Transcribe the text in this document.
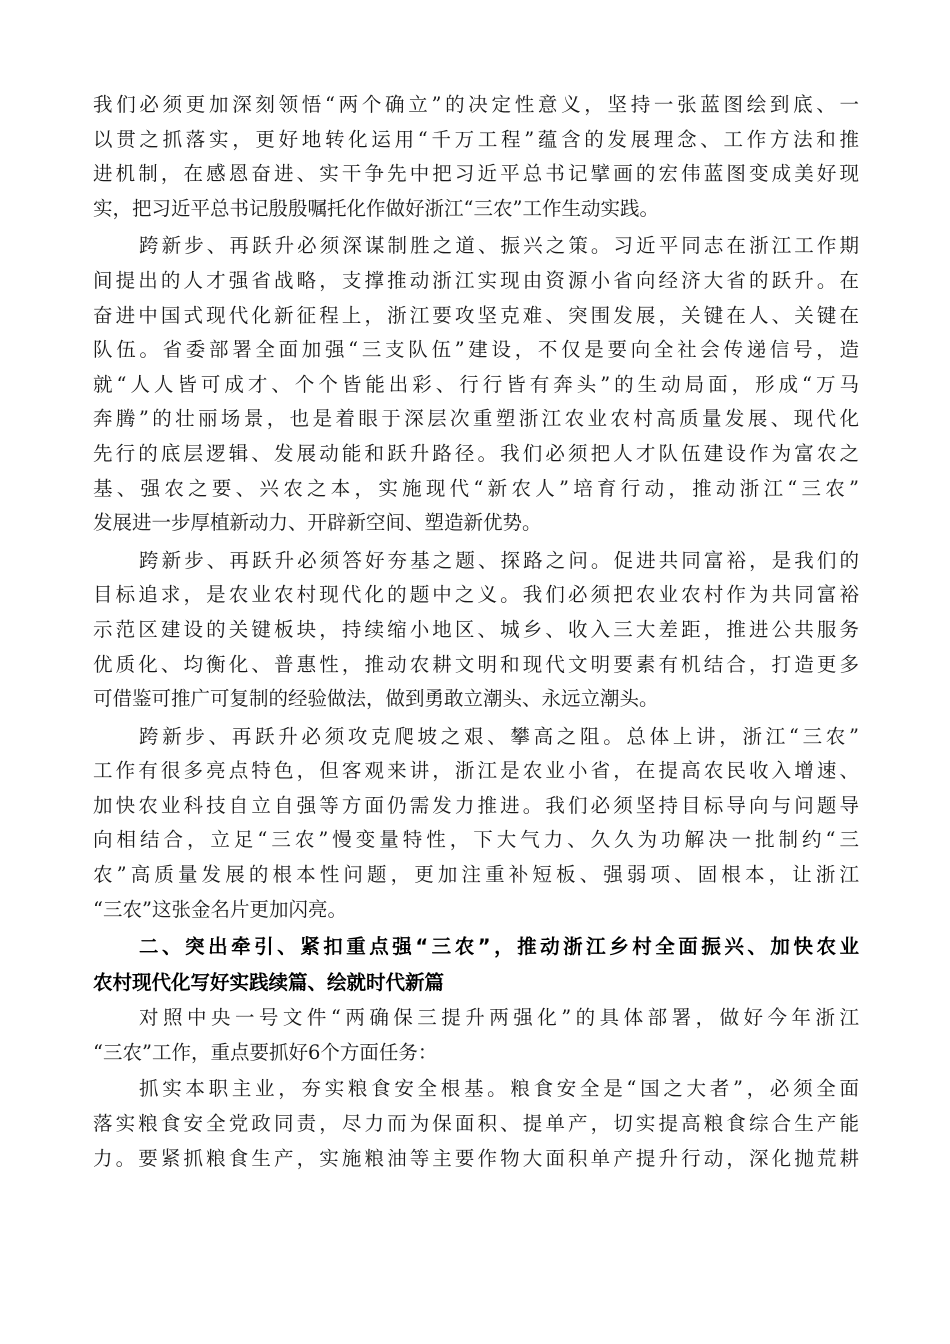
我们必须更加深刻领悟“两个确立”的决定性意义，坚持一张蓝图绘到底、一
以贯之抓落实，更好地转化运用“千万工程”蕴含的发展理念、工作方法和推
进机制，在感恩奋进、实干争先中把习近平总书记擘画的宏伟蓝图变成美好现
实，把习近平总书记殷殷嘱托化作做好浙江“三农”工作生动实践。
跨新步、再跃升必须深谋制胜之道、振兴之策。习近平同志在浙江工作期
间提出的人才强省战略，支撑推动浙江实现由资源小省向经济大省的跃升。在
奋进中国式现代化新征程上，浙江要攻坚克难、突围发展，关键在人、关键在
队伍。省委部署全面加强“三支队伍”建设，不仅是要向全社会传递信号，造
就“人人皆可成才、个个皆能出彩、行行皆有奔头”的生动局面，形成“万马
奔腾”的壮丽场景，也是着眼于深层次重塑浙江农业农村高质量发展、现代化
先行的底层逻辑、发展动能和跃升路径。我们必须把人才队伍建设作为富农之
基、强农之要、兴农之本，实施现代“新农人”培育行动，推动浙江“三农”
发展进一步厚植新动力、开辟新空间、塑造新优势。
跨新步、再跃升必须答好夯基之题、探路之问。促进共同富裕，是我们的
目标追求，是农业农村现代化的题中之义。我们必须把农业农村作为共同富裕
示范区建设的关键板块，持续缩小地区、城乡、收入三大差距，推进公共服务
优质化、均衡化、普惠性，推动农耕文明和现代文明要素有机结合，打造更多
可借鉴可推广可复制的经验做法，做到勇敢立潮头、永远立潮头。
跨新步、再跃升必须攻克爬坡之艰、攀高之阻。总体上讲，浙江“三农”
工作有很多亮点特色，但客观来讲，浙江是农业小省，在提高农民收入增速、
加快农业科技自立自强等方面仍需发力推进。我们必须坚持目标导向与问题导
向相结合，立足“三农”慢变量特性，下大气力、久久为功解决一批制约“三
农”高质量发展的根本性问题，更加注重补短板、强弱项、固根本，让浙江
“三农”这张金名片更加闪亮。
二、突出牵引、紧扣重点强“三农”，推动浙江乡村全面振兴、加快农业
农村现代化写好实践续篇、绘就时代新篇
对照中央一号文件“两确保三提升两强化”的具体部署，做好今年浙江
“三农”工作，重点要抓好6个方面任务：
抓实本职主业，夯实粮食安全根基。粮食安全是“国之大者”，必须全面
落实粮食安全党政同责，尽力而为保面积、提单产，切实提高粮食综合生产能
力。要紧抓粮食生产，实施粮油等主要作物大面积单产提升行动，深化抛荒耕
